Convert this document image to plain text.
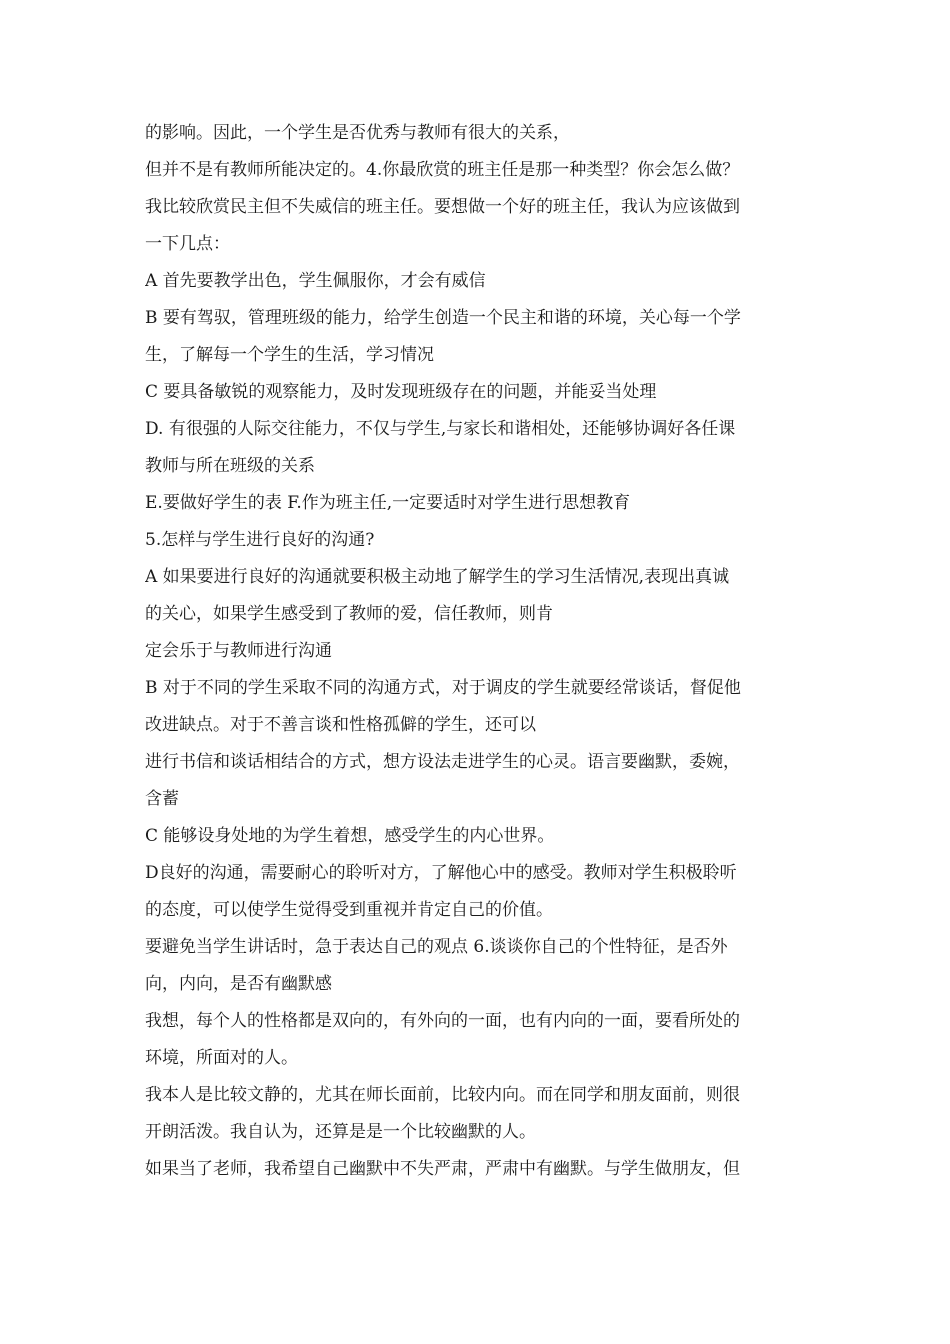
的影响。因此，一个学生是否优秀与教师有很大的关系，
但并不是有教师所能决定的。4.你最欣赏的班主任是那一种类型？你会怎么做？
我比较欣赏民主但不失威信的班主任。要想做一个好的班主任，我认为应该做到
一下几点：
A 首先要教学出色，学生佩服你，才会有威信
B 要有驾驭，管理班级的能力，给学生创造一个民主和谐的环境，关心每一个学
生，了解每一个学生的生活，学习情况
C 要具备敏锐的观察能力，及时发现班级存在的问题，并能妥当处理
D. 有很强的人际交往能力，不仅与学生,与家长和谐相处，还能够协调好各任课
教师与所在班级的关系
E.要做好学生的表 F.作为班主任,一定要适时对学生进行思想教育
5.怎样与学生进行良好的沟通?
A 如果要进行良好的沟通就要积极主动地了解学生的学习生活情况,表现出真诚
的关心，如果学生感受到了教师的爱，信任教师，则肯
定会乐于与教师进行沟通
B 对于不同的学生采取不同的沟通方式，对于调皮的学生就要经常谈话，督促他
改进缺点。对于不善言谈和性格孤僻的学生，还可以
进行书信和谈话相结合的方式，想方设法走进学生的心灵。语言要幽默，委婉，
含蓄
C 能够设身处地的为学生着想，感受学生的内心世界。
D良好的沟通，需要耐心的聆听对方，了解他心中的感受。教师对学生积极聆听
的态度，可以使学生觉得受到重视并肯定自己的价值。
要避免当学生讲话时，急于表达自己的观点 6.谈谈你自己的个性特征，是否外
向，内向，是否有幽默感
我想，每个人的性格都是双向的，有外向的一面，也有内向的一面，要看所处的
环境，所面对的人。
我本人是比较文静的，尤其在师长面前，比较内向。而在同学和朋友面前，则很
开朗活泼。我自认为，还算是是一个比较幽默的人。
如果当了老师，我希望自己幽默中不失严肃，严肃中有幽默。与学生做朋友，但
